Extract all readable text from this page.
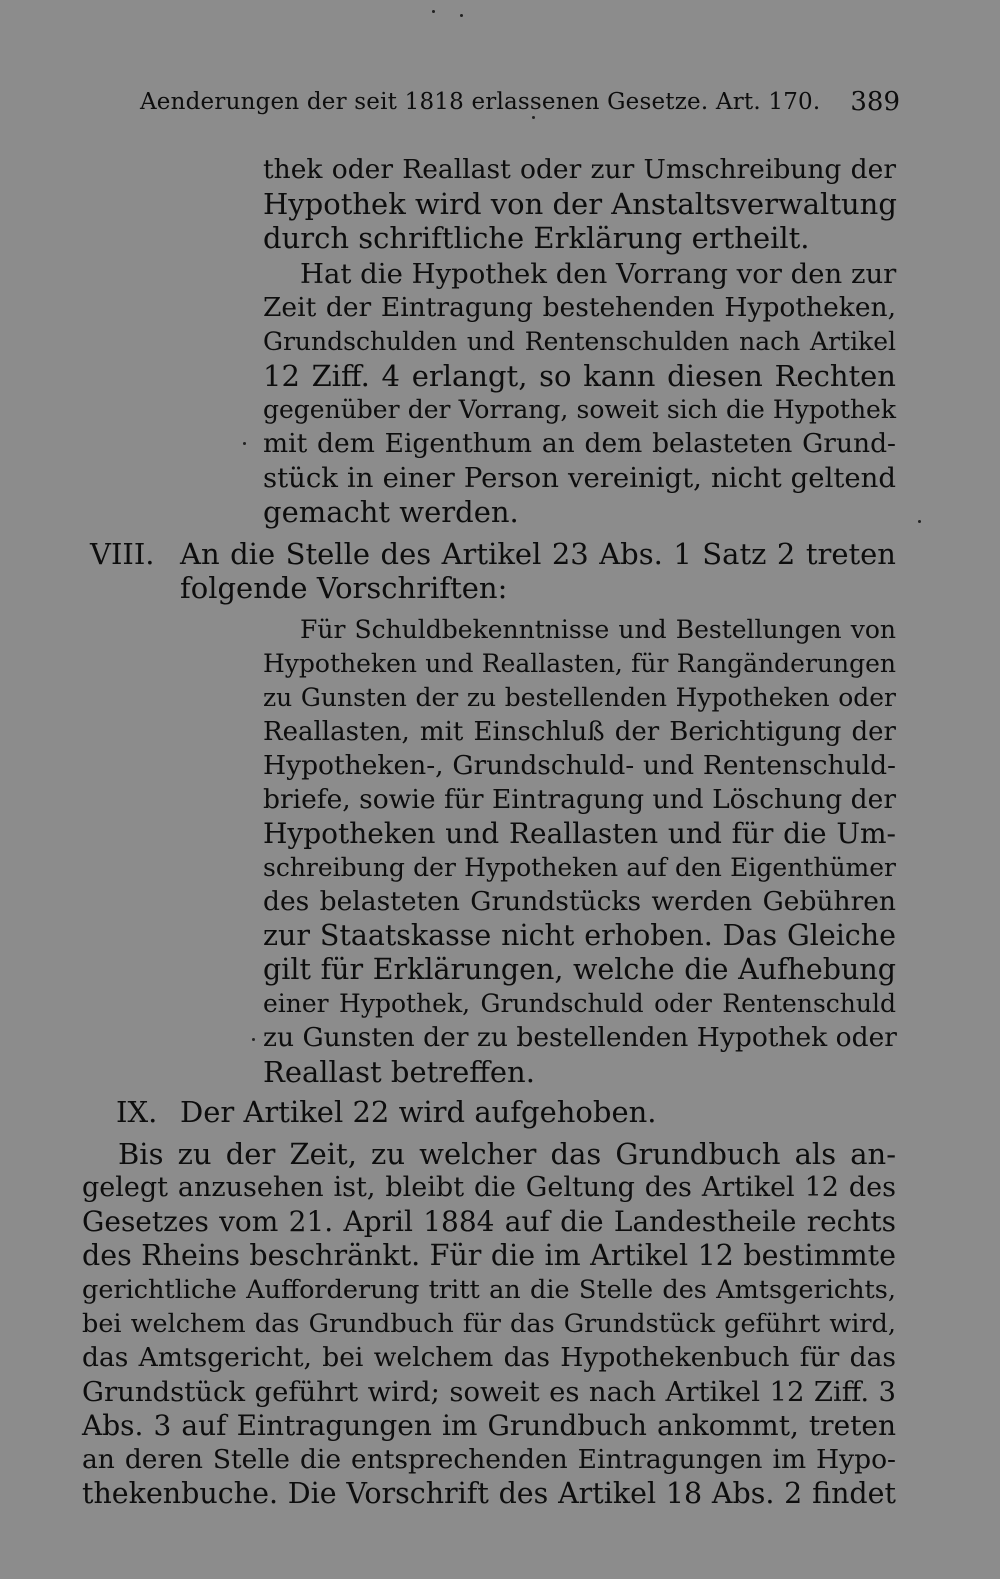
Aenderungen der seit 1818 erlassenen Gesetze. Art. 170. 389
thek oder Reallast oder zur Umschreibung der
Hypothek wird von der Anstaltsverwaltung
durch schriftliche Erklärung ertheilt.
Hat die Hypothek den Vorrang vor den zur
Zeit der Eintragung bestehenden Hypotheken,
Grundschulden und Rentenschulden nach Artikel
12 Ziff. 4 erlangt, so kann diesen Rechten
gegenüber der Vorrang, soweit sich die Hypothek
mit dem Eigenthum an dem belasteten Grund-
stück in einer Person vereinigt, nicht geltend
gemacht werden.
VIII. An die Stelle des Artikel 23 Abs. 1 Satz 2 treten
folgende Vorschriften:
Für Schuldbekenntnisse und Bestellungen von
Hypotheken und Reallasten, für Rangänderungen
zu Gunsten der zu bestellenden Hypotheken oder
Reallasten, mit Einschluß der Berichtigung der
Hypotheken-, Grundschuld- und Rentenschuld-
briefe, sowie für Eintragung und Löschung der
Hypotheken und Reallasten und für die Um-
schreibung der Hypotheken auf den Eigenthümer
des belasteten Grundstücks werden Gebühren
zur Staatskasse nicht erhoben. Das Gleiche
gilt für Erklärungen, welche die Aufhebung
einer Hypothek, Grundschuld oder Rentenschuld
zu Gunsten der zu bestellenden Hypothek oder
Reallast betreffen.
IX. Der Artikel 22 wird aufgehoben.
Bis zu der Zeit, zu welcher das Grundbuch als an-
gelegt anzusehen ist, bleibt die Geltung des Artikel 12 des
Gesetzes vom 21. April 1884 auf die Landestheile rechts
des Rheins beschränkt. Für die im Artikel 12 bestimmte
gerichtliche Aufforderung tritt an die Stelle des Amtsgerichts,
bei welchem das Grundbuch für das Grundstück geführt wird,
das Amtsgericht, bei welchem das Hypothekenbuch für das
Grundstück geführt wird; soweit es nach Artikel 12 Ziff. 3
Abs. 3 auf Eintragungen im Grundbuch ankommt, treten
an deren Stelle die entsprechenden Eintragungen im Hypo-
thekenbuche. Die Vorschrift des Artikel 18 Abs. 2 findet
